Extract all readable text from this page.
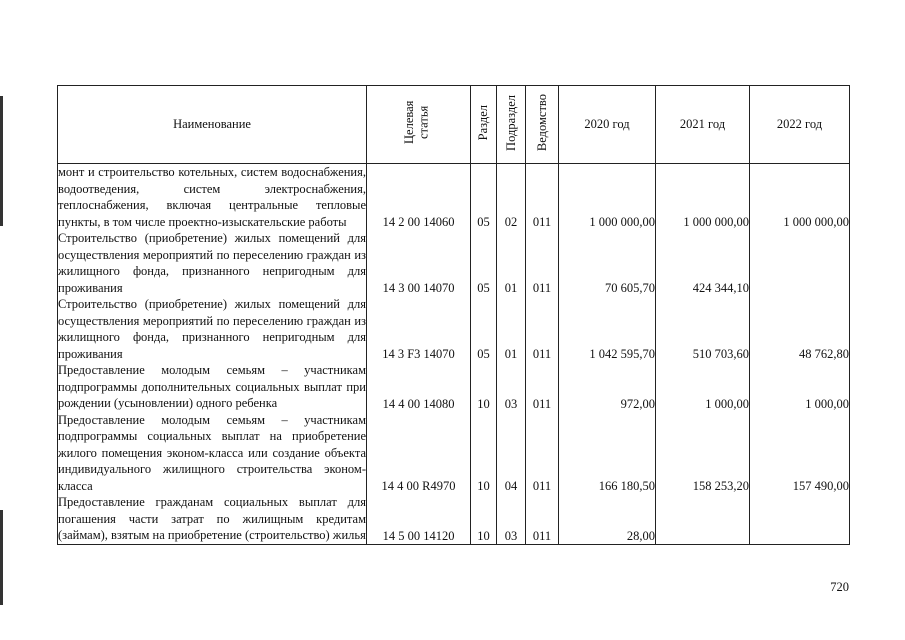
Наименование	Целевая статья	Раздел	Подраздел	Ведомство	2020 год	2021 год	2022 год
монт и строительство котельных, систем водоснабжения, водоотведения, систем электроснабжения, теплоснабжения, включая центральные тепловые пункты, в том числе проектно-изыскательские работы	14 2 00 14060	05	02	011	1 000 000,00	1 000 000,00	1 000 000,00
Строительство (приобретение) жилых помещений для осуществления мероприятий по переселению граждан из жилищного фонда, признанного непригодным для проживания	14 3 00 14070	05	01	011	70 605,70	424 344,10	
Строительство (приобретение) жилых помещений для осуществления мероприятий по переселению граждан из жилищного фонда, признанного непригодным для проживания	14 3 F3 14070	05	01	011	1 042 595,70	510 703,60	48 762,80
Предоставление молодым семьям – участникам подпрограммы дополнительных социальных выплат при рождении (усыновлении) одного ребенка	14 4 00 14080	10	03	011	972,00	1 000,00	1 000,00
Предоставление молодым семьям – участникам подпрограммы социальных выплат на приобретение жилого помещения эконом-класса или создание объекта индивидуального жилищного строительства эконом-класса	14 4 00 R4970	10	04	011	166 180,50	158 253,20	157 490,00
Предоставление гражданам социальных выплат для погашения части затрат по жилищным кредитам (займам), взятым на приобретение (строительство) жилья	14 5 00 14120	10	03	011	28,00		
720
